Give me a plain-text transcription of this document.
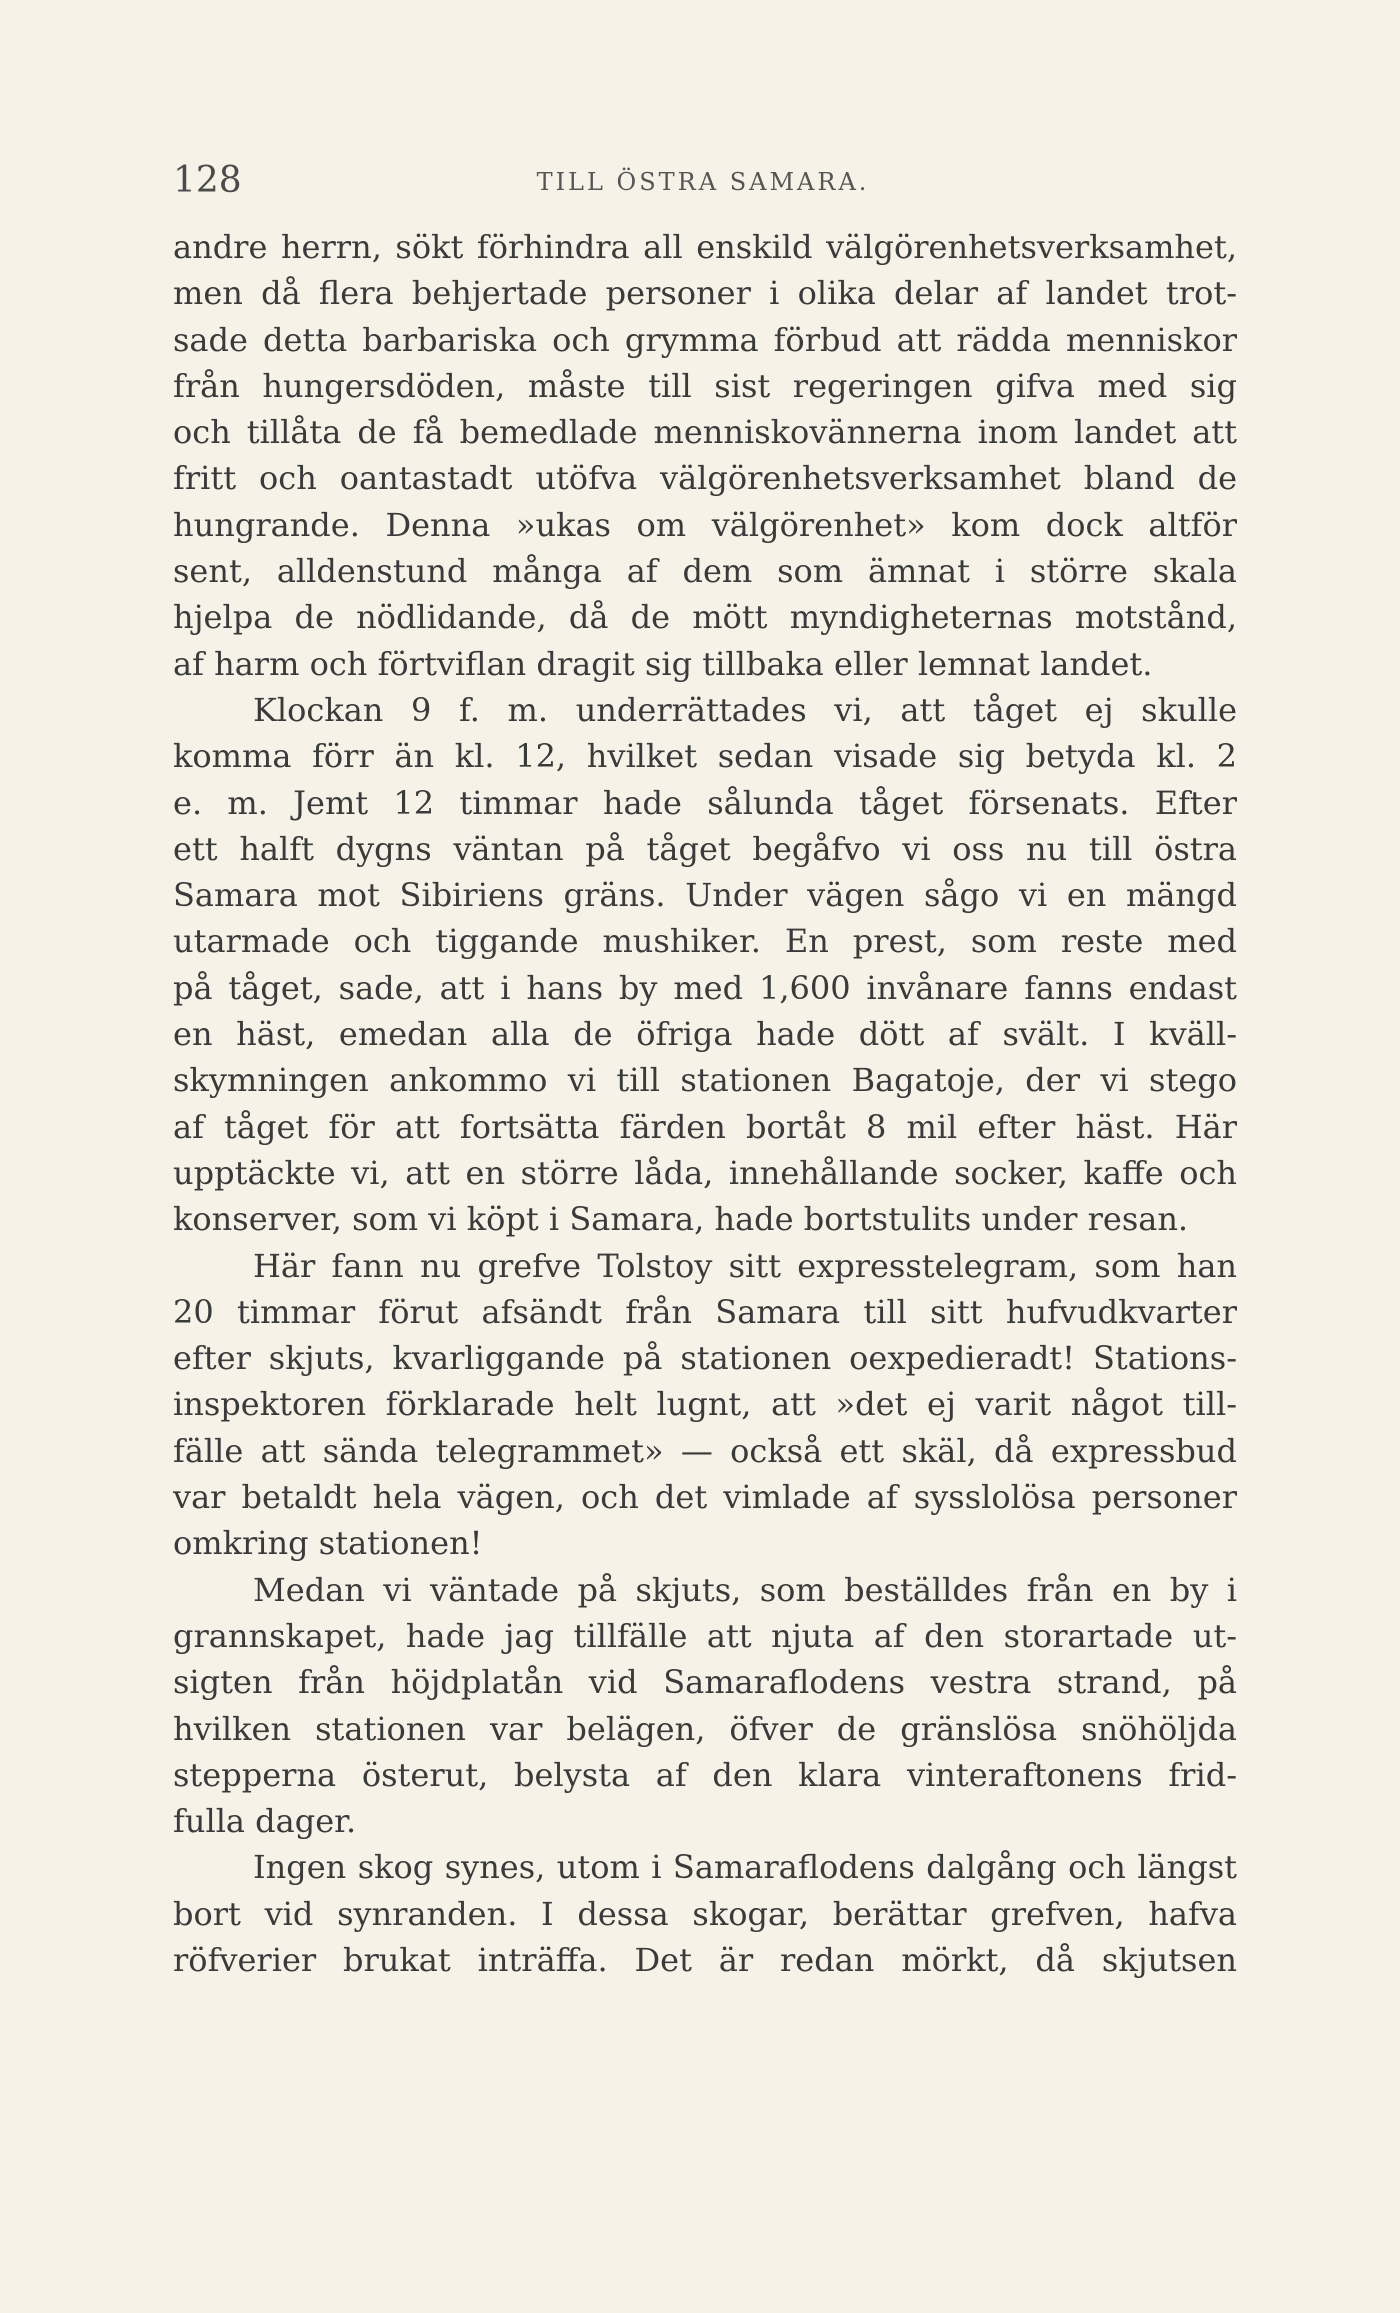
128	TILL ÖSTRA SAMARA.
andre herrn, sökt förhindra all enskild välgörenhetsverksamhet,
men då flera behjertade personer i olika delar af landet trot-
sade detta barbariska och grymma förbud att rädda menniskor
från hungersdöden, måste till sist regeringen gifva med sig
och tillåta de få bemedlade menniskovännerna inom landet att
fritt och oantastadt utöfva välgörenhetsverksamhet bland de
hungrande. Denna »ukas om välgörenhet» kom dock altför
sent, alldenstund många af dem som ämnat i större skala
hjelpa de nödlidande, då de mött myndigheternas motstånd,
af harm och förtviflan dragit sig tillbaka eller lemnat landet.
Klockan 9 f. m. underrättades vi, att tåget ej skulle
komma förr än kl. 12, hvilket sedan visade sig betyda kl. 2
e. m. Jemt 12 timmar hade sålunda tåget försenats. Efter
ett halft dygns väntan på tåget begåfvo vi oss nu till östra
Samara mot Sibiriens gräns. Under vägen sågo vi en mängd
utarmade och tiggande mushiker. En prest, som reste med
på tåget, sade, att i hans by med 1,600 invånare fanns endast
en häst, emedan alla de öfriga hade dött af svält. I kväll-
skymningen ankommo vi till stationen Bagatoje, der vi stego
af tåget för att fortsätta färden bortåt 8 mil efter häst. Här
upptäckte vi, att en större låda, innehållande socker, kaffe och
konserver, som vi köpt i Samara, hade bortstulits under resan.
Här fann nu grefve Tolstoy sitt expresstelegram, som han
20 timmar förut afsändt från Samara till sitt hufvudkvarter
efter skjuts, kvarliggande på stationen oexpedieradt! Stations-
inspektoren förklarade helt lugnt, att »det ej varit något till-
fälle att sända telegrammet» — också ett skäl, då expressbud
var betaldt hela vägen, och det vimlade af sysslolösa personer
omkring stationen!
Medan vi väntade på skjuts, som beställdes från en by i
grannskapet, hade jag tillfälle att njuta af den storartade ut-
sigten från höjdplatån vid Samaraflodens vestra strand, på
hvilken stationen var belägen, öfver de gränslösa snöhöljda
stepperna österut, belysta af den klara vinteraftonens frid-
fulla dager.
Ingen skog synes, utom i Samaraflodens dalgång och längst
bort vid synranden. I dessa skogar, berättar grefven, hafva
röfverier brukat inträffa. Det är redan mörkt, då skjutsen
